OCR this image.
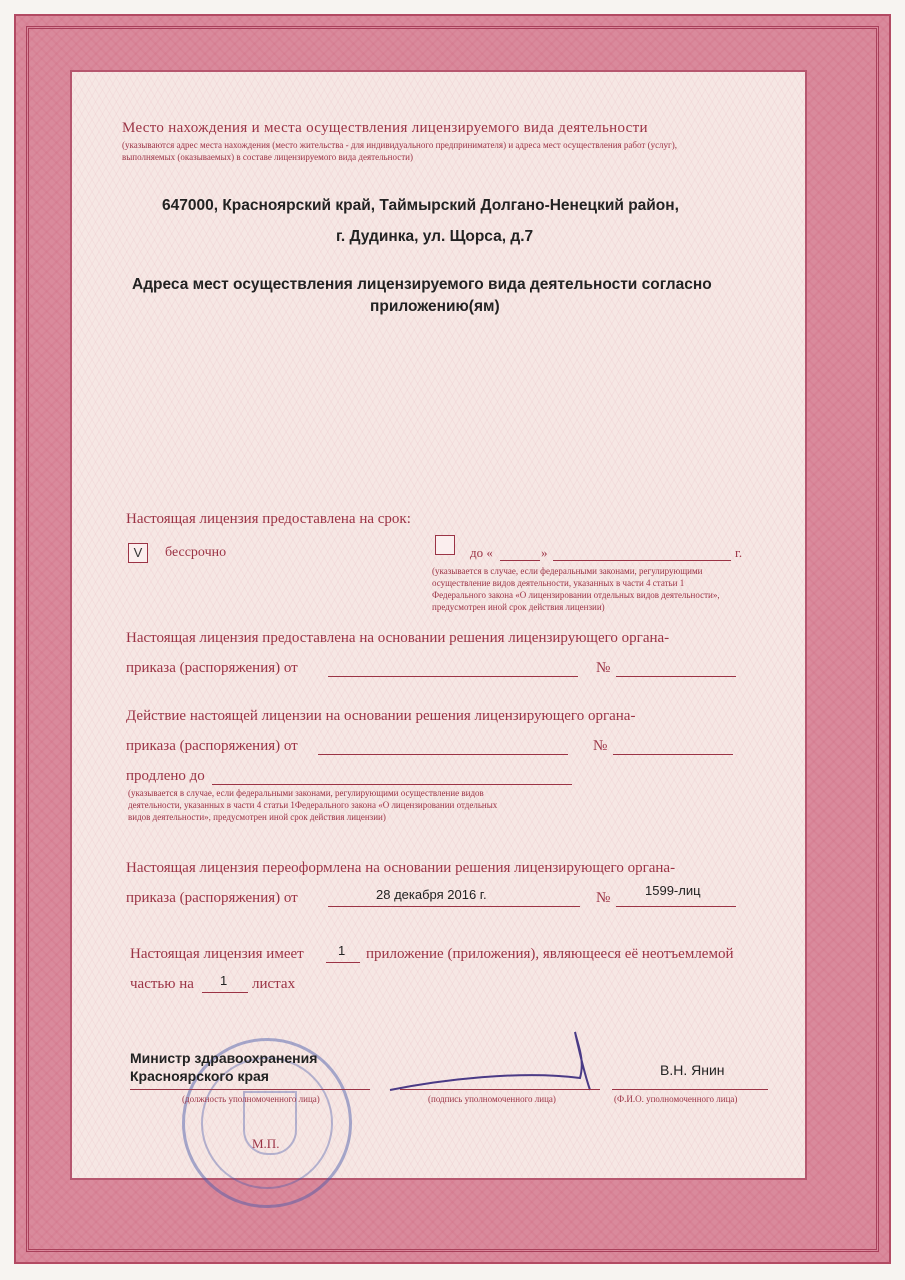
Место нахождения и места осуществления лицензируемого вида деятельности
(указываются адрес места нахождения (место жительства - для индивидуального предпринимателя) и адреса мест осуществления работ (услуг),
выполняемых (оказываемых) в составе лицензируемого вида деятельности)
647000, Красноярский край, Таймырский Долгано-Ненецкий район,
г. Дудинка, ул. Щорса, д.7
Адреса мест осуществления лицензируемого вида деятельности согласно
приложению(ям)
Настоящая лицензия предоставлена на срок:
V	бессрочно	до «	»	г.
(указывается в случае, если федеральными законами, регулирующими
осуществление видов деятельности, указанных в части 4 статьи 1
Федерального закона «О лицензировании отдельных видов деятельности»,
предусмотрен иной срок действия лицензии)
Настоящая лицензия предоставлена на основании решения лицензирующего органа-
приказа (распоряжения) от	№
Действие настоящей лицензии на основании решения лицензирующего органа-
приказа (распоряжения) от	№
продлено до
(указывается в случае, если федеральными законами, регулирующими осуществление видов
деятельности, указанных в части 4 статьи 1Федерального закона «О лицензировании отдельных
видов деятельности», предусмотрен иной срок действия лицензии)
Настоящая лицензия переоформлена на основании решения лицензирующего органа-
приказа (распоряжения) от	28 декабря 2016 г.	№	1599-лиц
Настоящая лицензия имеет	1 приложение (приложения), являющееся её неотъемлемой
частью на 1 листах
Министр здравоохранения
Красноярского края
(должность уполномоченного лица)	(подпись уполномоченного лица)
В.Н. Янин
(Ф.И.О. уполномоченного лица)
М.П.
